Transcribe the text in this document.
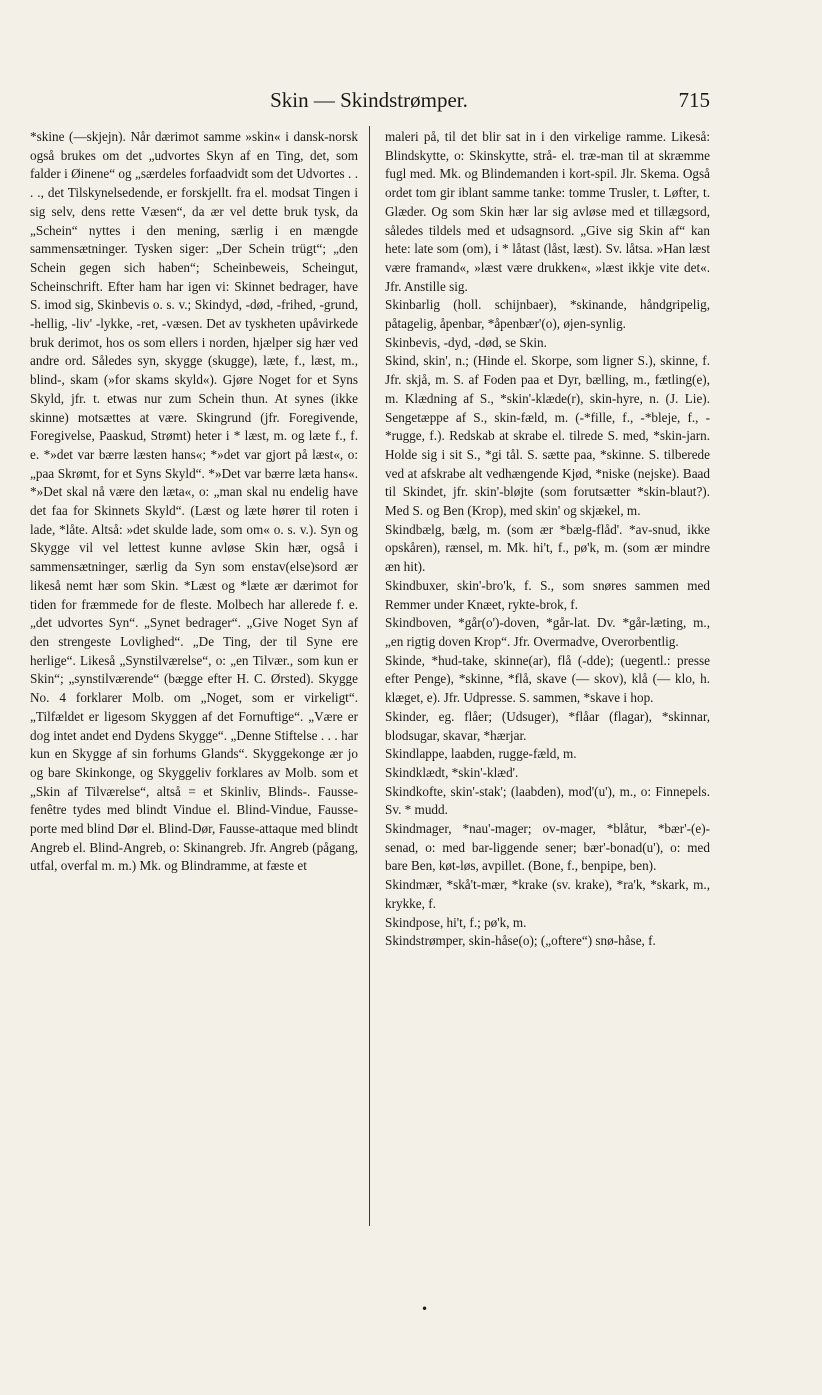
Skin — Skindstrømper.	715

*skine (—skjejn). Når dærimot samme »skin« i dansk-norsk også brukes om det „udvortes Skyn af en Ting, det, som falder i Øinene“ og „særdeles forfaadvidt som det Udvortes . . . ., det Tilskynelsedende, er forskjellt. fra el. modsat Tingen i sig selv, dens rette Væsen“, da ær vel dette bruk tysk, da „Schein“ nyttes i den mening, særlig i en mængde sammensætninger. Tysken siger: „Der Schein trügt“; „den Schein gegen sich haben“; Scheinbeweis, Scheingut, Scheinschrift. Efter ham har igen vi: Skinnet bedrager, have S. imod sig, Skinbevis o. s. v.; Skindyd, -død, -frihed, -grund, -hellig, -liv' -lykke, -ret, -væsen. Det av tyskheten upåvirkede bruk derimot, hos os som ellers i norden, hjælper sig hær ved andre ord. Således syn, skygge (skugge), læte, f., læst, m., blind-, skam (»for skams skyld«). Gjøre Noget for et Syns Skyld, jfr. t. etwas nur zum Schein thun. At synes (ikke skinne) motsættes at være. Skingrund (jfr. Foregivende, Foregivelse, Paaskud, Strømt) heter i * læst, m. og læte f., f. e. *»det var bærre læsten hans«; *»det var gjort på læst«, o: „paa Skrømt, for et Syns Skyld“. *»Det var bærre læta hans«. *»Det skal nå være den læta«, o: „man skal nu endelig have det faa for Skinnets Skyld“. (Læst og læte hører til roten i lade, *låte. Altså: »det skulde lade, som om« o. s. v.). Syn og Skygge vil vel lettest kunne avløse Skin hær, også i sammensætninger, særlig da Syn som enstav(else)sord ær likeså nemt hær som Skin. *Læst og *læte ær dærimot for tiden for fræmmede for de fleste. Molbech har allerede f. e. „det udvortes Syn“. „Synet bedrager“. „Give Noget Syn af den strengeste Lovlighed“. „De Ting, der til Syne ere herlige“. Likeså „Synstilværelse“, o: „en Tilvær., som kun er Skin“; „synstilværende“ (bægge efter H. C. Ørsted). Skygge No. 4 forklarer Molb. om „Noget, som er virkeligt“. „Tilfældet er ligesom Skyggen af det Fornuftige“. „Være er dog intet andet end Dydens Skygge“. „Denne Stiftelse . . . har kun en Skygge af sin forhums Glands“. Skyggekonge ær jo og bare Skinkonge, og Skyggeliv forklares av Molb. som et „Skin af Tilværelse“, altså = et Skinliv, Blinds-. Fausse-fenêtre tydes med blindt Vindue el. Blind-Vindue, Fausse-porte med blind Dør el. Blind-Dør, Fausse-attaque med blindt Angreb el. Blind-Angreb, o: Skinangreb. Jfr. Angreb (pågang, utfal, overfal m. m.) Mk. og Blindramme, at fæste et

maleri på, til det blir sat in i den virkelige ramme. Likeså: Blindskytte, o: Skinskytte, strå- el. træ-man til at skræmme fugl med. Mk. og Blindemanden i kort-spil. Jlr. Skema. Også ordet tom gir iblant samme tanke: tomme Trusler, t. Løfter, t. Glæder. Og som Skin hær lar sig avløse med et tillægsord, således tildels med et udsagnsord. „Give sig Skin af“ kan hete: late som (om), i * låtast (låst, læst). Sv. låtsa. »Han læst være framand«, »læst være drukken«, »læst ikkje vite det«. Jfr. Anstille sig.

Skinbarlig (holl. schijnbaer), *skinande, håndgripelig, påtagelig, åpenbar, *åpenbær'(o), øjen-synlig.

Skinbevis, -dyd, -død, se Skin.

Skind, skin', n.; (Hinde el. Skorpe, som ligner S.), skinne, f. Jfr. skjå, m. S. af Foden paa et Dyr, bælling, m., fætling(e), m. Klædning af S., *skin'-klæde(r), skin-hyre, n. (J. Lie). Sengetæppe af S., skin-fæld, m. (-*fille, f., -*bleje, f., -*rugge, f.). Redskab at skrabe el. tilrede S. med, *skin-jarn. Holde sig i sit S., *gi tål. S. sætte paa, *skinne. S. tilberede ved at afskrabe alt vedhængende Kjød, *niske (nejske). Baad til Skindet, jfr. skin'-bløjte (som forutsætter *skin-blaut?). Med S. og Ben (Krop), med skin' og skjækel, m.

Skindbælg, bælg, m. (som ær *bælg-flåd'. *av-snud, ikke opskåren), rænsel, m. Mk. hi't, f., pø'k, m. (som ær mindre æn hit).

Skindbuxer, skin'-bro'k, f. S., som snøres sammen med Remmer under Knæet, rykte-brok, f.

Skindboven, *går(o')-doven, *går-lat. Dv. *går-læting, m., „en rigtig doven Krop“. Jfr. Overmadve, Overorbentlig.

Skinde, *hud-take, skinne(ar), flå (-dde); (uegentl.: presse efter Penge), *skinne, *flå, skave (— skov), klå (— klo, h. klæget, e). Jfr. Udpresse. S. sammen, *skave i hop.

Skinder, eg. flåer; (Udsuger), *flåar (flagar), *skinnar, blodsugar, skavar, *hærjar.

Skindlappe, laabden, rugge-fæld, m.

Skindklædt, *skin'-klæd'.

Skindkofte, skin'-stak'; (laabden), mod'(u'), m., o: Finnepels. Sv. * mudd.

Skindmager, *nau'-mager; ov-mager, *blåtur, *bær'-(e)-senad, o: med bar-liggende sener; bær'-bonad(u'), o: med bare Ben, køt-løs, avpillet. (Bone, f., benpipe, ben).

Skindmær, *skå't-mær, *krake (sv. krake), *ra'k, *skark, m., krykke, f.

Skindpose, hi't, f.; pø'k, m.

Skindstrømper, skin-håse(o); („oftere“) snø-håse, f.

•
